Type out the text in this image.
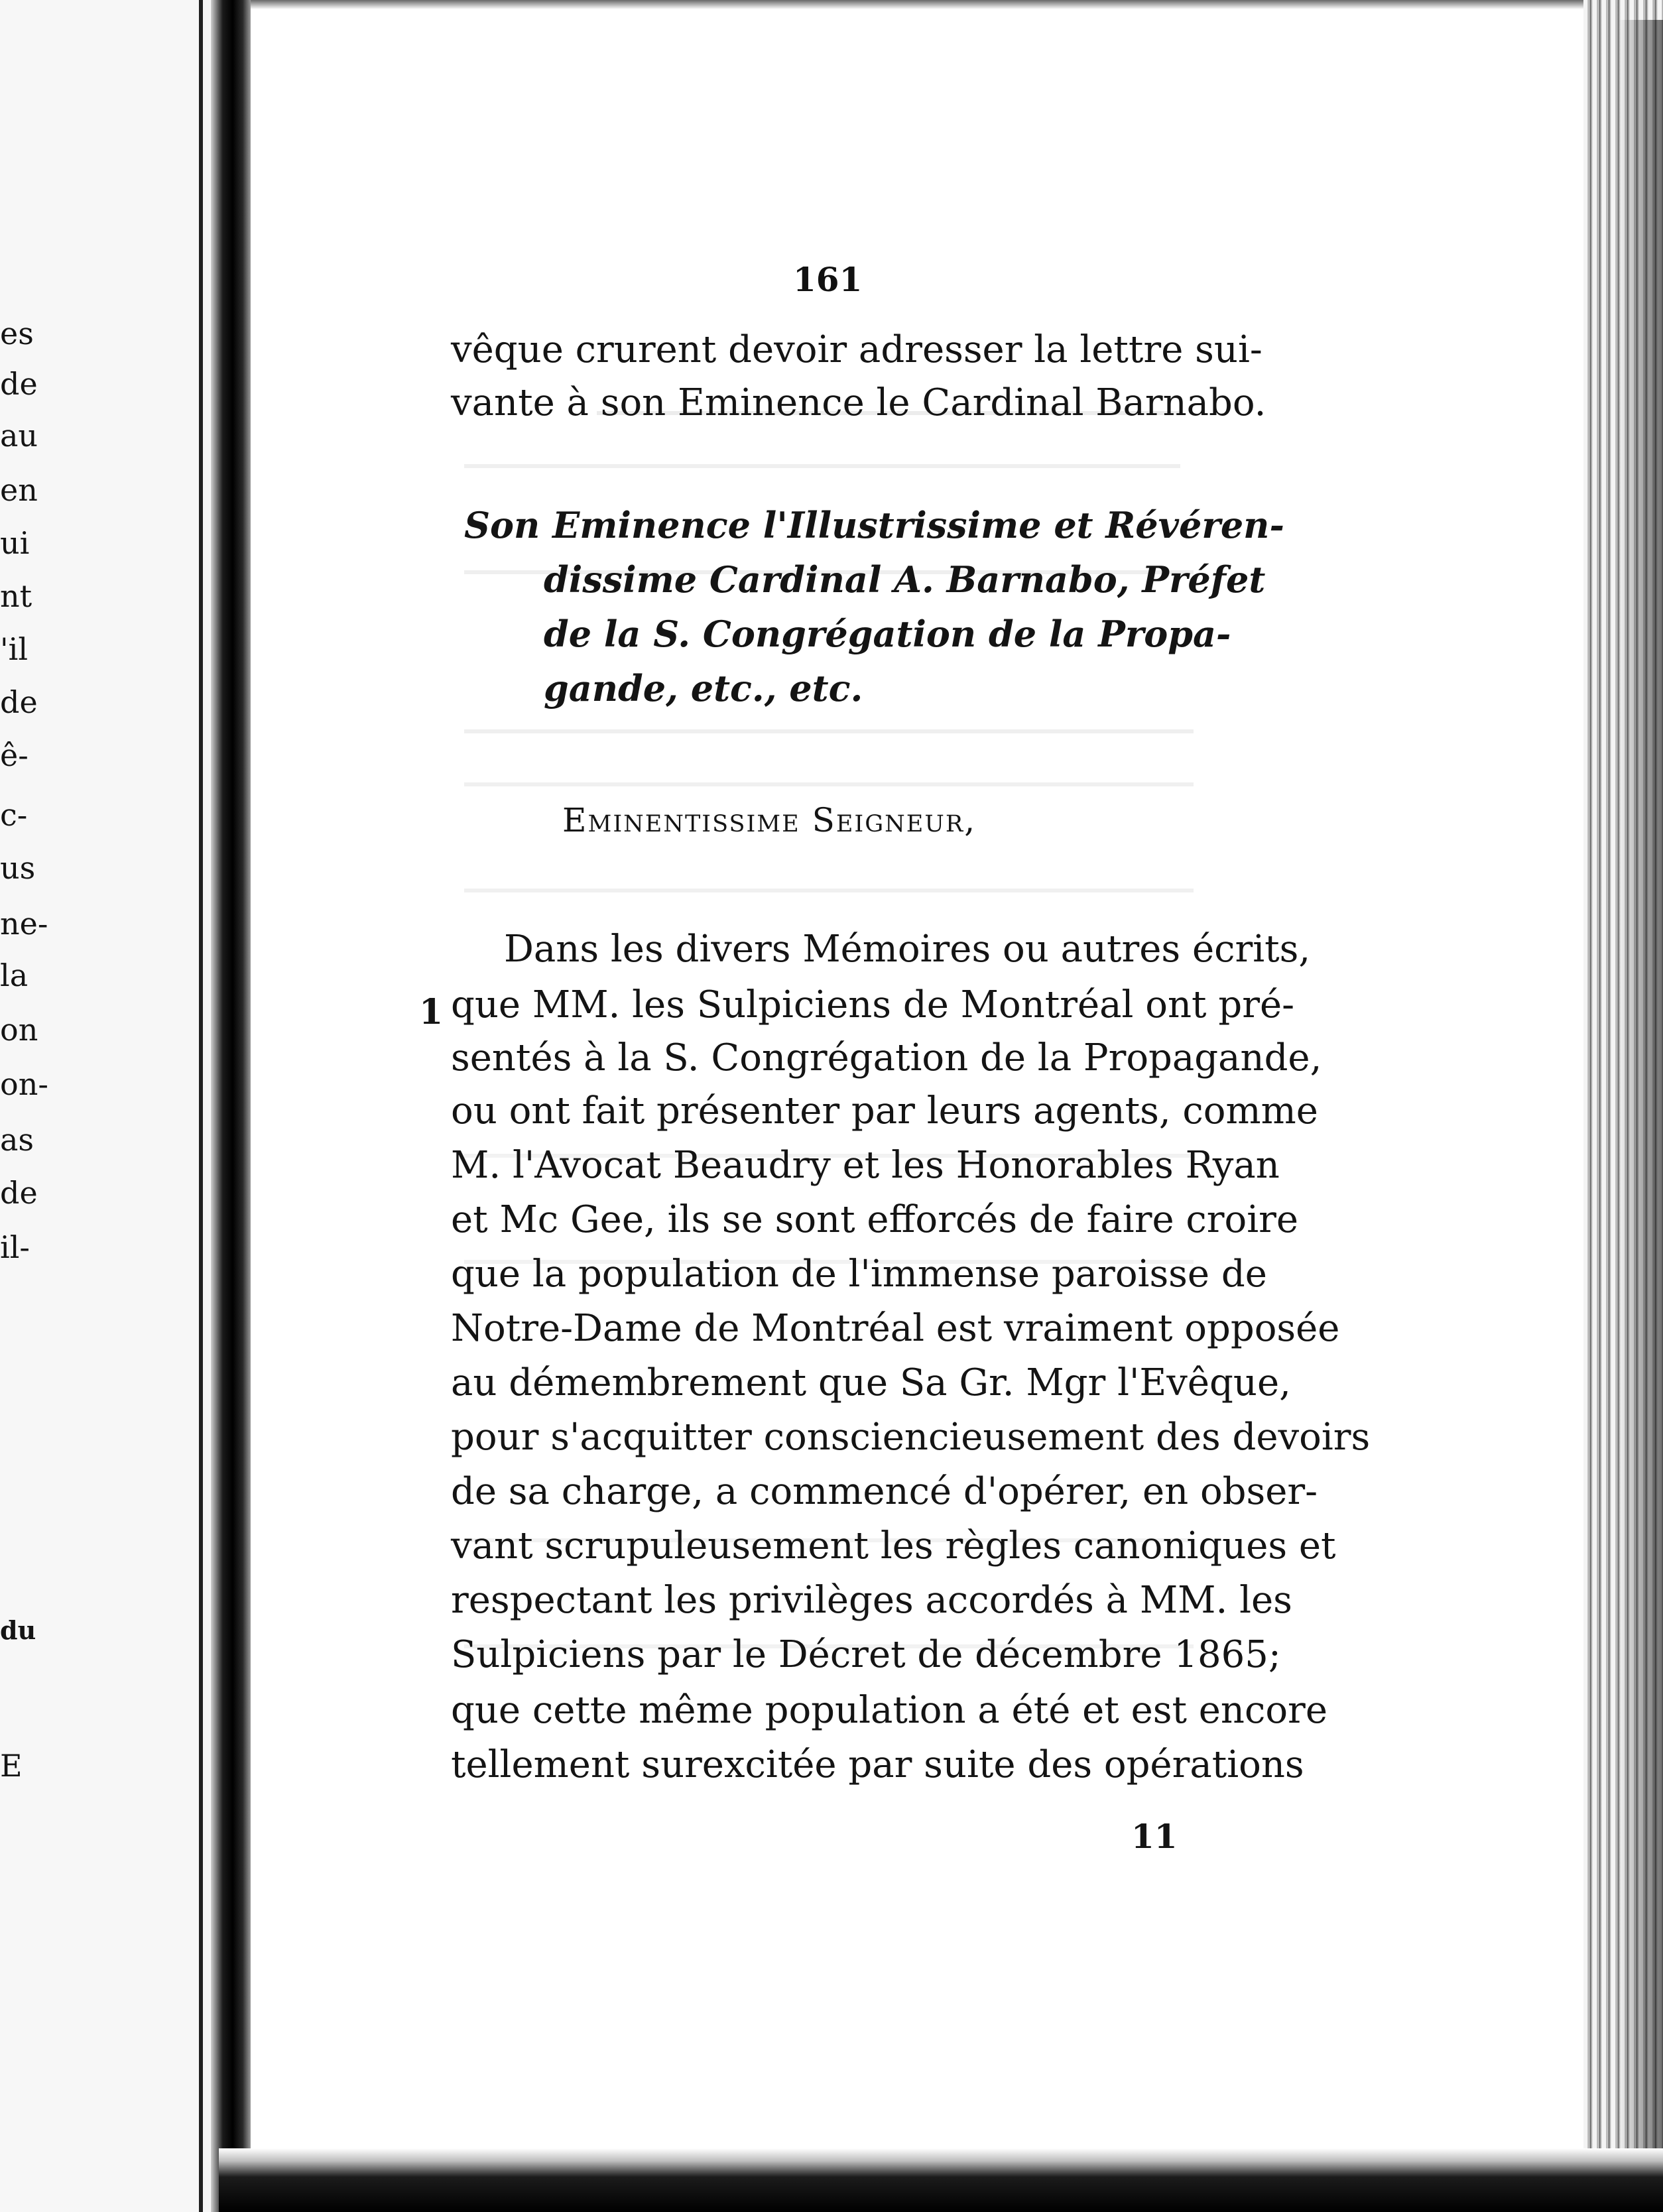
es
de
au
en
ui
nt
'il
de
ê-
c-
us
ne-
la
on
on-
as
de
il-
du
E
161
vêque crurent devoir adresser la lettre sui-
vante à son Eminence le Cardinal Barnabo.
Son Eminence l'Illustrissime et Révéren-
dissime Cardinal A. Barnabo, Préfet
de la S. Congrégation de la Propa-
gande, etc., etc.
Eminentissime Seigneur,
1
Dans les divers Mémoires ou autres écrits,
que MM. les Sulpiciens de Montréal ont pré-
sentés à la S. Congrégation de la Propagande,
ou ont fait présenter par leurs agents, comme
M. l'Avocat Beaudry et les Honorables Ryan
et Mc Gee, ils se sont efforcés de faire croire
que la population de l'immense paroisse de
Notre-Dame de Montréal est vraiment opposée
au démembrement que Sa Gr. Mgr l'Evêque,
pour s'acquitter consciencieusement des devoirs
de sa charge, a commencé d'opérer, en obser-
vant scrupuleusement les règles canoniques et
respectant les privilèges accordés à MM. les
Sulpiciens par le Décret de décembre 1865;
que cette même population a été et est encore
tellement surexcitée par suite des opérations
11
